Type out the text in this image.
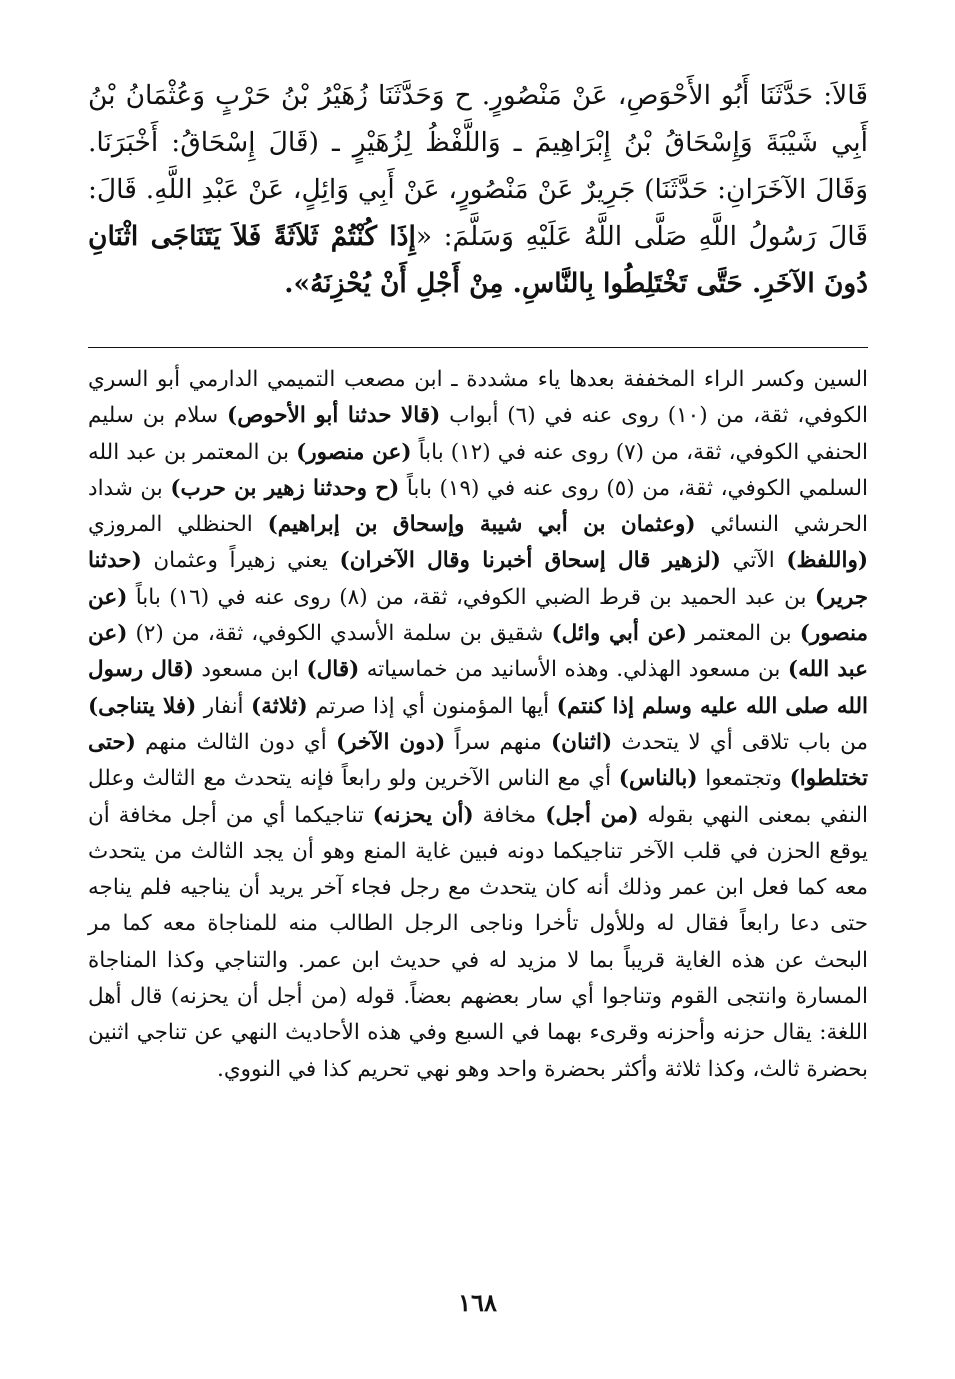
قَالاَ: حَدَّثَنَا أَبُو الأَحْوَصِ، عَنْ مَنْصُورٍ. ح وَحَدَّثَنَا زُهَيْرُ بْنُ حَرْبٍ وَعُثْمَانُ بْنُ أَبِي شَيْبَةَ وَإِسْحَاقُ بْنُ إِبْرَاهِيمَ ـ وَاللَّفْظُ لِزُهَيْرٍ ـ (قَالَ إِسْحَاقُ: أَخْبَرَنَا. وَقَالَ الآخَرَانِ: حَدَّثَنَا) جَرِيرٌ عَنْ مَنْصُورٍ، عَنْ أَبِي وَائِلٍ، عَنْ عَبْدِ اللَّهِ. قَالَ: قَالَ رَسُولُ اللَّهِ صَلَّى اللَّهُ عَلَيْهِ وَسَلَّمَ: «إِذَا كُنْتُمْ ثَلاَثَةً فَلاَ يَتَنَاجَى اثْنَانِ دُونَ الآخَرِ. حَتَّى تَخْتَلِطُوا بِالنَّاسِ. مِنْ أَجْلِ أَنْ يُحْزِنَهُ».

السين وكسر الراء المخففة بعدها ياء مشددة ـ ابن مصعب التميمي الدارمي أبو السري الكوفي، ثقة، من (١٠) روى عنه في (٦) أبواب (قالا حدثنا أبو الأحوص) سلام بن سليم الحنفي الكوفي، ثقة، من (٧) روى عنه في (١٢) باباً (عن منصور) بن المعتمر بن عبد الله السلمي الكوفي، ثقة، من (٥) روى عنه في (١٩) باباً (ح وحدثنا زهير بن حرب) بن شداد الحرشي النسائي (وعثمان بن أبي شيبة وإسحاق بن إبراهيم) الحنظلي المروزي (واللفظ) الآتي (لزهير قال إسحاق أخبرنا وقال الآخران) يعني زهيراً وعثمان (حدثنا جرير) بن عبد الحميد بن قرط الضبي الكوفي، ثقة، من (٨) روى عنه في (١٦) باباً (عن منصور) بن المعتمر (عن أبي وائل) شقيق بن سلمة الأسدي الكوفي، ثقة، من (٢) (عن عبد الله) بن مسعود الهذلي. وهذه الأسانيد من خماسياته (قال) ابن مسعود (قال رسول الله صلى الله عليه وسلم إذا كنتم) أيها المؤمنون أي إذا صرتم (ثلاثة) أنفار (فلا يتناجى) من باب تلاقى أي لا يتحدث (اثنان) منهم سراً (دون الآخر) أي دون الثالث منهم (حتى تختلطوا) وتجتمعوا (بالناس) أي مع الناس الآخرين ولو رابعاً فإنه يتحدث مع الثالث وعلل النفي بمعنى النهي بقوله (من أجل) مخافة (أن يحزنه) تناجيكما أي من أجل مخافة أن يوقع الحزن في قلب الآخر تناجيكما دونه فبين غاية المنع وهو أن يجد الثالث من يتحدث معه كما فعل ابن عمر وذلك أنه كان يتحدث مع رجل فجاء آخر يريد أن يناجيه فلم يناجه حتى دعا رابعاً فقال له وللأول تأخرا وناجى الرجل الطالب منه للمناجاة معه كما مر البحث عن هذه الغاية قريباً بما لا مزيد له في حديث ابن عمر. والتناجي وكذا المناجاة المسارة وانتجى القوم وتناجوا أي سار بعضهم بعضاً. قوله (من أجل أن يحزنه) قال أهل اللغة: يقال حزنه وأحزنه وقرىء بهما في السبع وفي هذه الأحاديث النهي عن تناجي اثنين بحضرة ثالث، وكذا ثلاثة وأكثر بحضرة واحد وهو نهي تحريم كذا في النووي.

١٦٨
